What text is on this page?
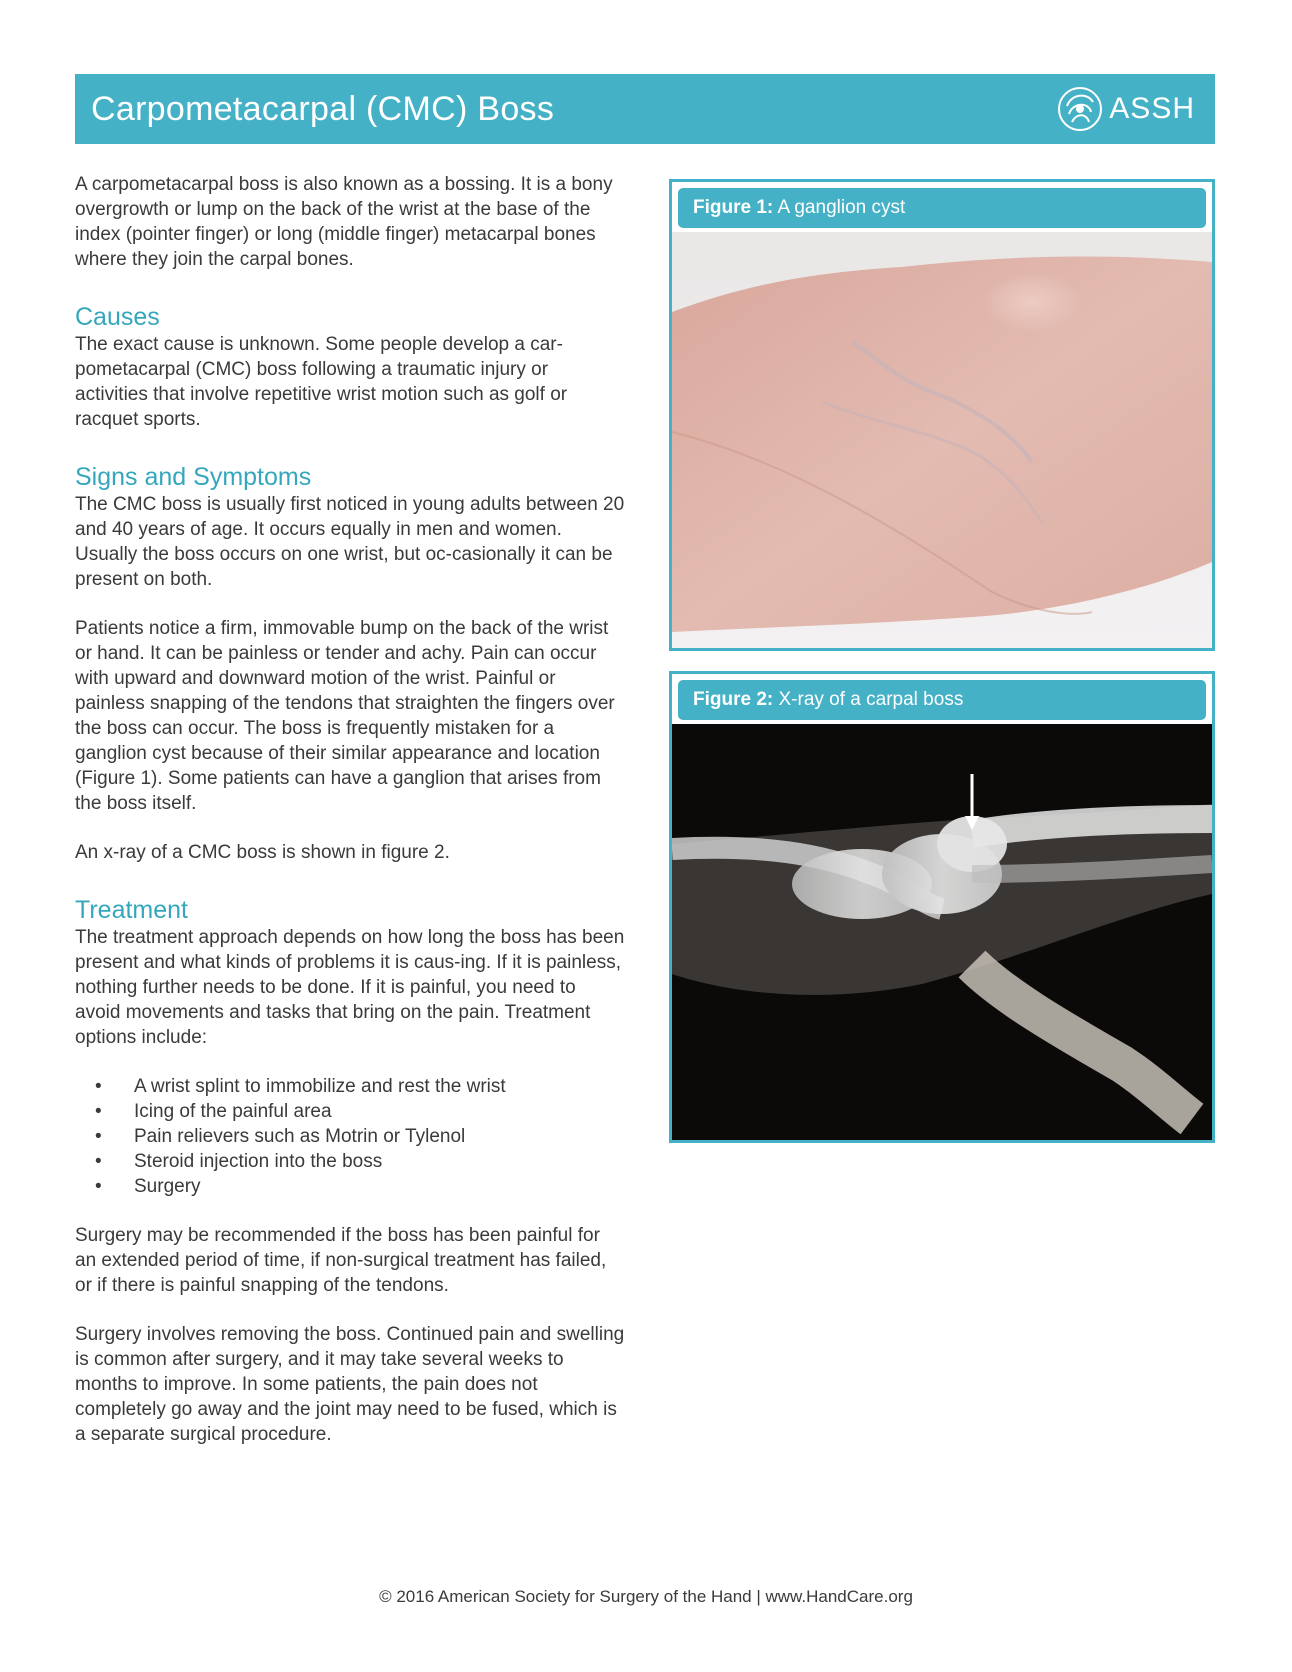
Carpometacarpal (CMC) Boss	ASSH

A carpometacarpal boss is also known as a bossing. It is a bony overgrowth or lump on the back of the wrist at the base of the index (pointer finger) or long (middle finger) metacarpal bones where they join the carpal bones.

Causes

The exact cause is unknown. Some people develop a car-pometacarpal (CMC) boss following a traumatic injury or activities that involve repetitive wrist motion such as golf or racquet sports.

Signs and Symptoms

The CMC boss is usually first noticed in young adults between 20 and 40 years of age. It occurs equally in men and women. Usually the boss occurs on one wrist, but oc-casionally it can be present on both.

Patients notice a firm, immovable bump on the back of the wrist or hand. It can be painless or tender and achy. Pain can occur with upward and downward motion of the wrist. Painful or painless snapping of the tendons that straighten the fingers over the boss can occur. The boss is frequently mistaken for a ganglion cyst because of their similar appearance and location (Figure 1). Some patients can have a ganglion that arises from the boss itself.

An x-ray of a CMC boss is shown in figure 2.

Treatment

The treatment approach depends on how long the boss has been present and what kinds of problems it is caus-ing. If it is painless, nothing further needs to be done. If it is painful, you need to avoid movements and tasks that bring on the pain. Treatment options include:

• A wrist splint to immobilize and rest the wrist
• Icing of the painful area
• Pain relievers such as Motrin or Tylenol
• Steroid injection into the boss
• Surgery

Surgery may be recommended if the boss has been painful for an extended period of time, if non-surgical treatment has failed, or if there is painful snapping of the tendons.

Surgery involves removing the boss. Continued pain and swelling is common after surgery, and it may take several weeks to months to improve. In some patients, the pain does not completely go away and the joint may need to be fused, which is a separate surgical procedure.

Figure 1: A ganglion cyst
Figure 2: X-ray of a carpal boss
© 2016 American Society for Surgery of the Hand | www.HandCare.org
